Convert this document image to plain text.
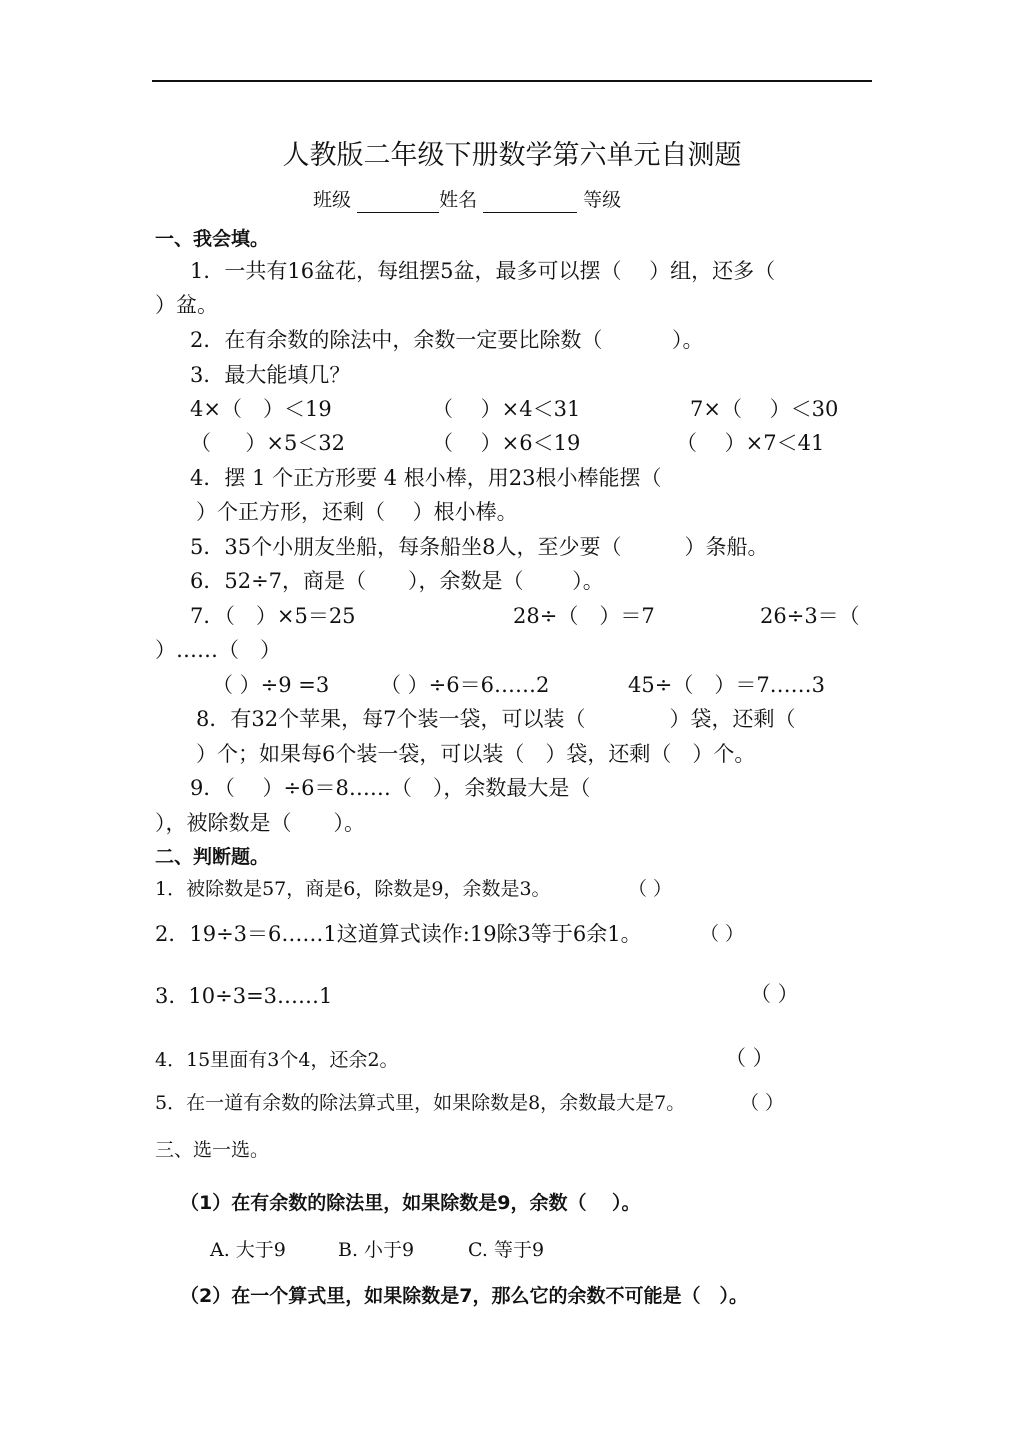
人教版二年级下册数学第六单元自测题
班级	姓名	等级
一、我会填。
1．一共有16盆花，每组摆5盆，最多可以摆（　 ）组，还多（
）盆。
2．在有余数的除法中，余数一定要比除数（　　　 ）。
3．最大能填几？
4×（　）＜19	（　 ）×4＜31	7×（　 ）＜30
（　  ）×5＜32	（　 ）×6＜19	（　 ）×7＜41
4．摆 1 个正方形要 4 根小棒，用23根小棒能摆（
）个正方形，还剩（　 ）根小棒。
5．35个小朋友坐船，每条船坐8人，至少要（　　　）条船。
6．52÷7，商是（　　），余数是（　　 ）。
7．（　）×5＝25	28÷（　）＝7	26÷3＝（
）……（　）
（ ）÷9 =3 （ ）÷6＝6……2	45÷（　）＝7……3
8．有32个苹果，每7个装一袋，可以装（　　　　）袋，还剩（
）个；如果每6个装一袋，可以装（　）袋，还剩（　）个。
9．（　 ）÷6＝8……（　），余数最大是（
），被除数是（　　）。
二、判断题。
1．被除数是57，商是6，除数是9，余数是3。	（ ）
2．19÷3＝6……1这道算式读作:19除3等于6余1。	（ ）
3.  10÷3=3……1	（ ）
4．15里面有3个4，还余2。	（ ）
5．在一道有余数的除法算式里，如果除数是8，余数最大是7。	（ ）
三、选一选。
（1）在有余数的除法里，如果除数是9，余数（　 ）。
A. 大于9	B. 小于9	C. 等于9
（2）在一个算式里，如果除数是7，那么它的余数不可能是（　）。
